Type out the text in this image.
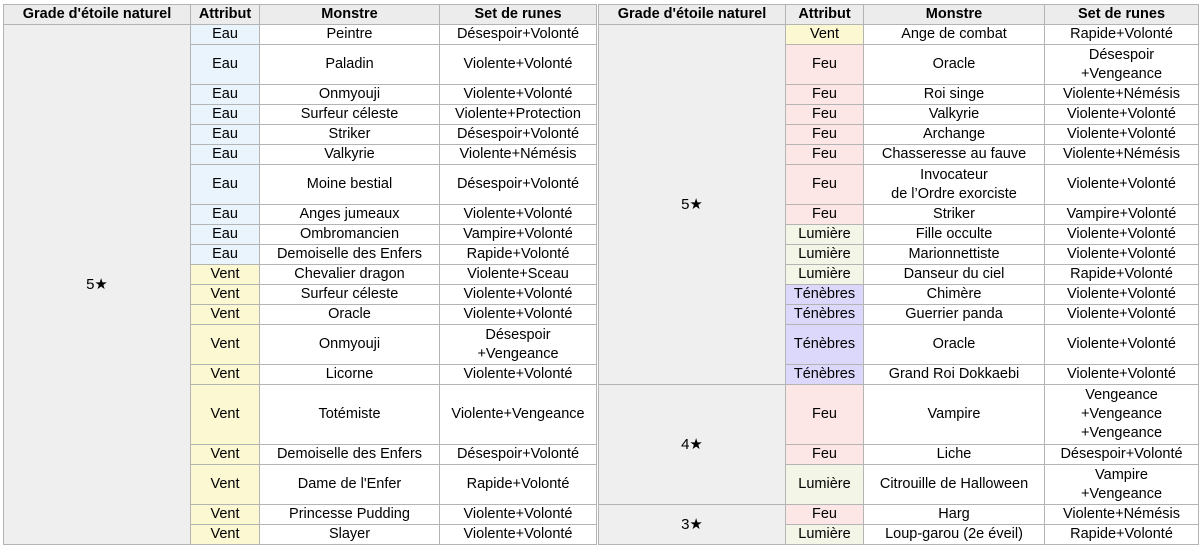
Grade d'étoile naturel	Attribut	Monstre	Set de runes
5★	Eau	Peintre	Désespoir+Volonté
	Eau	Paladin	Violente+Volonté
	Eau	Onmyouji	Violente+Volonté
	Eau	Surfeur céleste	Violente+Protection
	Eau	Striker	Désespoir+Volonté
	Eau	Valkyrie	Violente+Némésis
	Eau	Moine bestial	Désespoir+Volonté
	Eau	Anges jumeaux	Violente+Volonté
	Eau	Ombromancien	Vampire+Volonté
	Eau	Demoiselle des Enfers	Rapide+Volonté
	Vent	Chevalier dragon	Violente+Sceau
	Vent	Surfeur céleste	Violente+Volonté
	Vent	Oracle	Violente+Volonté
	Vent	Onmyouji	Désespoir
+Vengeance
	Vent	Licorne	Violente+Volonté
	Vent	Totémiste	Violente+Vengeance
	Vent	Demoiselle des Enfers	Désespoir+Volonté
	Vent	Dame de l'Enfer	Rapide+Volonté
	Vent	Princesse Pudding	Violente+Volonté
	Vent	Slayer	Violente+Volonté
Grade d'étoile naturel	Attribut	Monstre	Set de runes
5★	Vent	Ange de combat	Rapide+Volonté
	Feu	Oracle	Désespoir
+Vengeance
	Feu	Roi singe	Violente+Némésis
	Feu	Valkyrie	Violente+Volonté
	Feu	Archange	Violente+Volonté
	Feu	Chasseresse au fauve	Violente+Némésis
	Feu	Invocateur
de l’Ordre exorciste	Violente+Volonté
	Feu	Striker	Vampire+Volonté
	Lumière	Fille occulte	Violente+Volonté
	Lumière	Marionnettiste	Violente+Volonté
	Lumière	Danseur du ciel	Rapide+Volonté
	Ténèbres	Chimère	Violente+Volonté
	Ténèbres	Guerrier panda	Violente+Volonté
	Ténèbres	Oracle	Violente+Volonté
	Ténèbres	Grand Roi Dokkaebi	Violente+Volonté
4★	Feu	Vampire	Vengeance
+Vengeance
+Vengeance
	Feu	Liche	Désespoir+Volonté
	Lumière	Citrouille de Halloween	Vampire
+Vengeance
3★	Feu	Harg	Violente+Némésis
	Lumière	Loup-garou (2e éveil)	Rapide+Volonté
